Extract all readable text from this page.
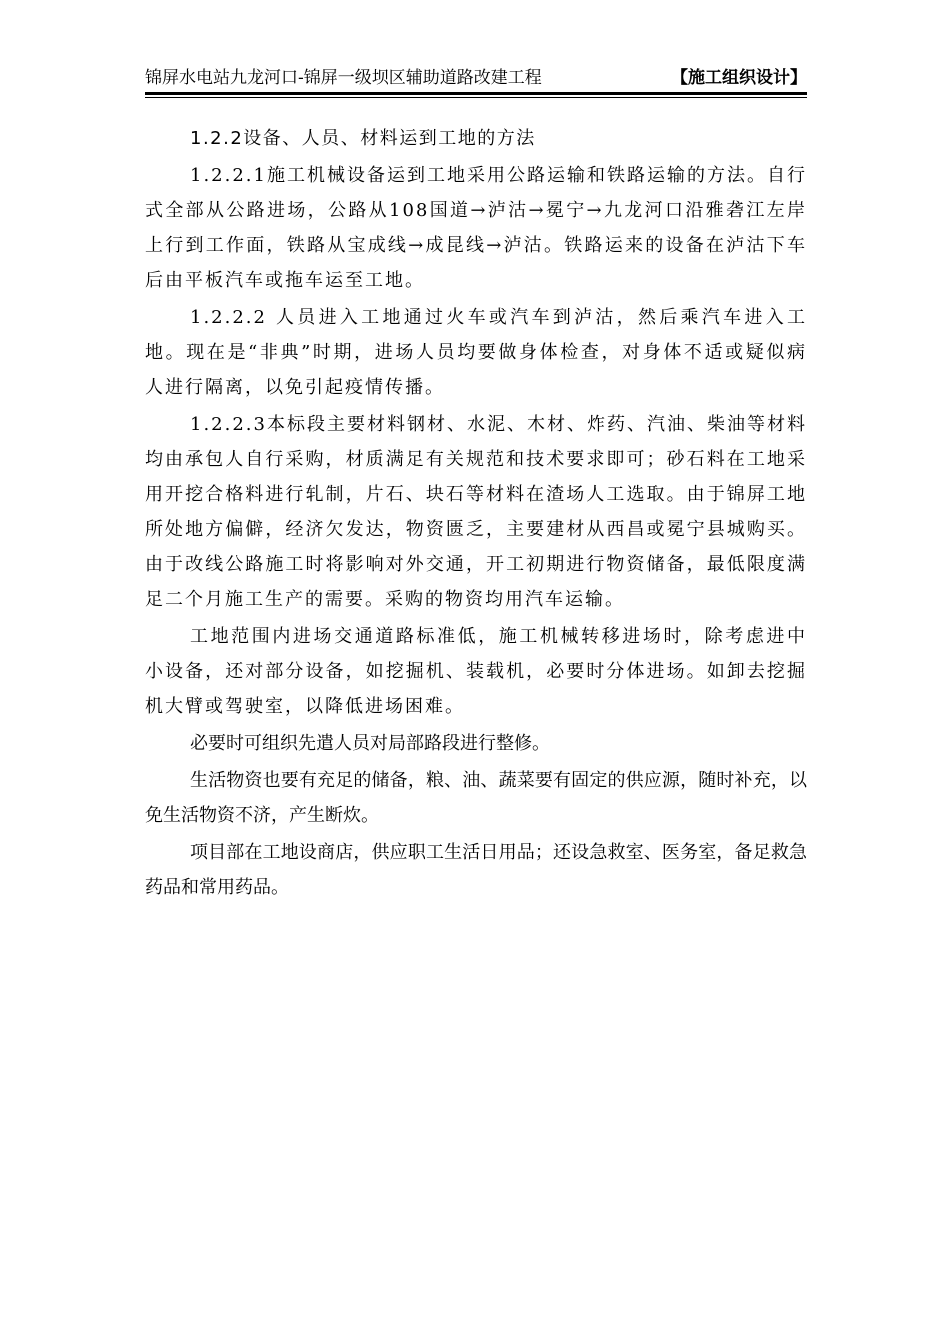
锦屏水电站九龙河口-锦屏一级坝区辅助道路改建工程	【施工组织设计】
1.2.2设备、人员、材料运到工地的方法

1.2.2.1施工机械设备运到工地采用公路运输和铁路运输的方法。自行式全部从公路进场，公路从108国道→泸沽→冕宁→九龙河口沿雅砻江左岸上行到工作面，铁路从宝成线→成昆线→泸沽。铁路运来的设备在泸沽下车后由平板汽车或拖车运至工地。

1.2.2.2 人员进入工地通过火车或汽车到泸沽，然后乘汽车进入工地。现在是“非典”时期，进场人员均要做身体检查，对身体不适或疑似病人进行隔离，以免引起疫情传播。

1.2.2.3本标段主要材料钢材、水泥、木材、炸药、汽油、柴油等材料均由承包人自行采购，材质满足有关规范和技术要求即可；砂石料在工地采用开挖合格料进行轧制，片石、块石等材料在渣场人工选取。由于锦屏工地所处地方偏僻，经济欠发达，物资匮乏，主要建材从西昌或冕宁县城购买。由于改线公路施工时将影响对外交通，开工初期进行物资储备，最低限度满足二个月施工生产的需要。采购的物资均用汽车运输。

工地范围内进场交通道路标准低，施工机械转移进场时，除考虑进中小设备，还对部分设备，如挖掘机、装载机，必要时分体进场。如卸去挖掘机大臂或驾驶室，以降低进场困难。

必要时可组织先遣人员对局部路段进行整修。

生活物资也要有充足的储备，粮、油、蔬菜要有固定的供应源，随时补充，以免生活物资不济，产生断炊。

项目部在工地设商店，供应职工生活日用品；还设急救室、医务室，备足救急药品和常用药品。
